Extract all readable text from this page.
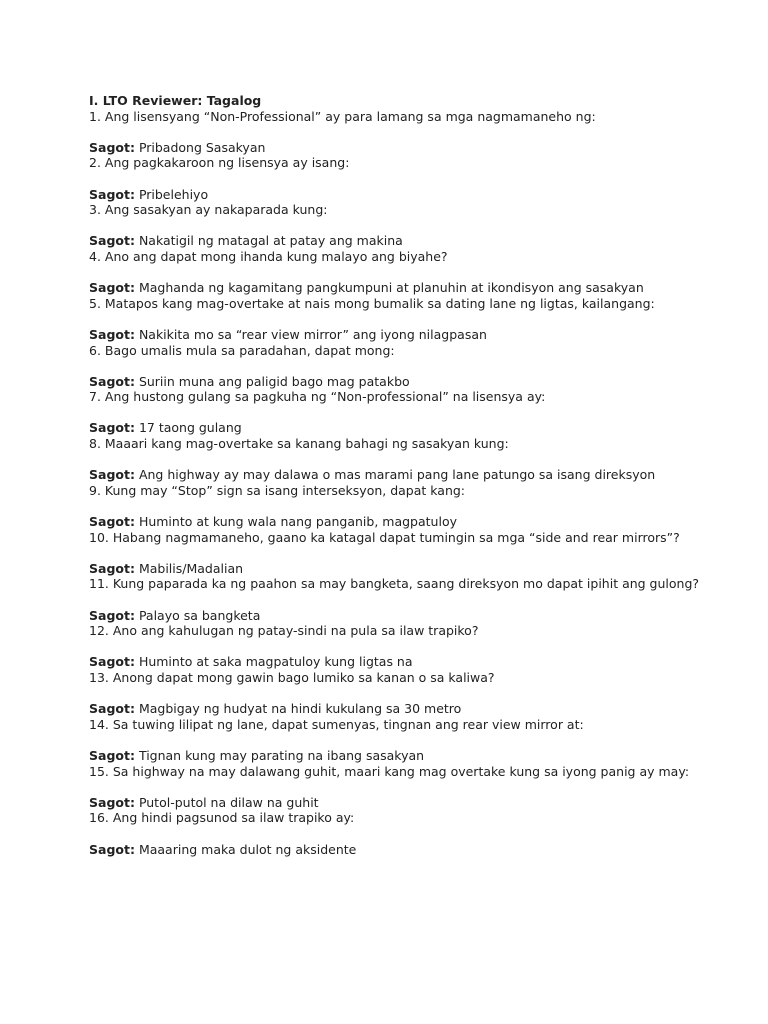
I. LTO Reviewer: Tagalog
1. Ang lisensyang “Non-Professional” ay para lamang sa mga nagmamaneho ng:
Sagot: Pribadong Sasakyan
2. Ang pagkakaroon ng lisensya ay isang:
Sagot: Pribelehiyo
3. Ang sasakyan ay nakaparada kung:
Sagot: Nakatigil ng matagal at patay ang makina
4. Ano ang dapat mong ihanda kung malayo ang biyahe?
Sagot: Maghanda ng kagamitang pangkumpuni at planuhin at ikondisyon ang sasakyan
5. Matapos kang mag-overtake at nais mong bumalik sa dating lane ng ligtas, kailangang:
Sagot: Nakikita mo sa “rear view mirror” ang iyong nilagpasan
6. Bago umalis mula sa paradahan, dapat mong:
Sagot: Suriin muna ang paligid bago mag patakbo
7. Ang hustong gulang sa pagkuha ng “Non-professional” na lisensya ay:
Sagot: 17 taong gulang
8. Maaari kang mag-overtake sa kanang bahagi ng sasakyan kung:
Sagot: Ang highway ay may dalawa o mas marami pang lane patungo sa isang direksyon
9. Kung may “Stop” sign sa isang interseksyon, dapat kang:
Sagot: Huminto at kung wala nang panganib, magpatuloy
10. Habang nagmamaneho, gaano ka katagal dapat tumingin sa mga “side and rear mirrors”?
Sagot: Mabilis/Madalian
11. Kung paparada ka ng paahon sa may bangketa, saang direksyon mo dapat ipihit ang gulong?
Sagot: Palayo sa bangketa
12. Ano ang kahulugan ng patay-sindi na pula sa ilaw trapiko?
Sagot: Huminto at saka magpatuloy kung ligtas na
13. Anong dapat mong gawin bago lumiko sa kanan o sa kaliwa?
Sagot: Magbigay ng hudyat na hindi kukulang sa 30 metro
14. Sa tuwing lilipat ng lane, dapat sumenyas, tingnan ang rear view mirror at:
Sagot: Tignan kung may parating na ibang sasakyan
15. Sa highway na may dalawang guhit, maari kang mag overtake kung sa iyong panig ay may:
Sagot: Putol-putol na dilaw na guhit
16. Ang hindi pagsunod sa ilaw trapiko ay:
Sagot: Maaaring maka dulot ng aksidente
